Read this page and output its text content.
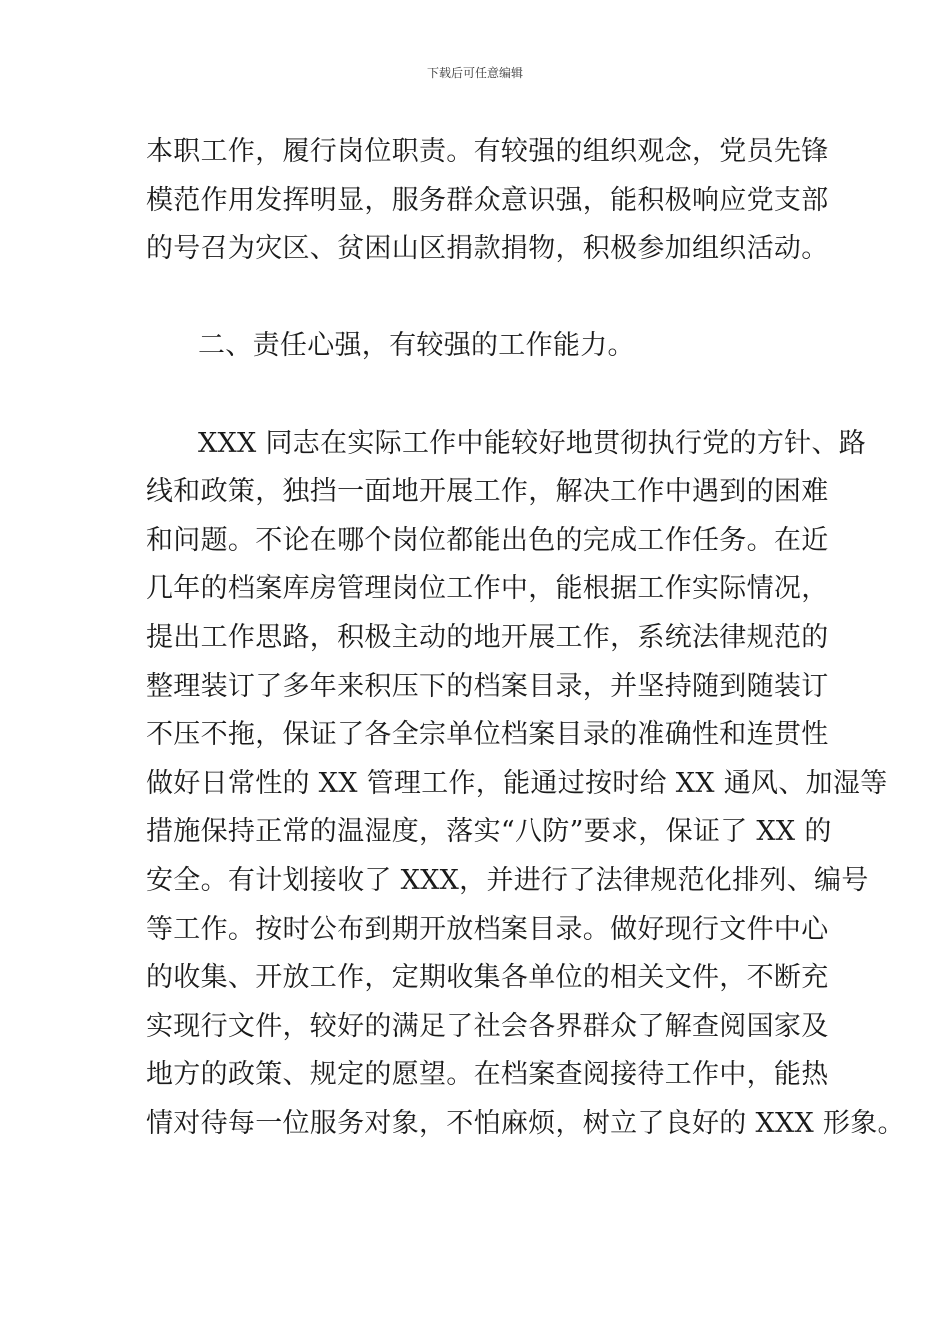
下载后可任意编辑
本职工作，履行岗位职责。有较强的组织观念，党员先锋
模范作用发挥明显，服务群众意识强，能积极响应党支部
的号召为灾区、贫困山区捐款捐物，积极参加组织活动。
二、责任心强，有较强的工作能力。
XXX 同志在实际工作中能较好地贯彻执行党的方针、路
线和政策，独挡一面地开展工作，解决工作中遇到的困难
和问题。不论在哪个岗位都能出色的完成工作任务。在近
几年的档案库房管理岗位工作中，能根据工作实际情况，
提出工作思路，积极主动的地开展工作，系统法律规范的
整理装订了多年来积压下的档案目录，并坚持随到随装订
不压不拖，保证了各全宗单位档案目录的准确性和连贯性
做好日常性的 XX 管理工作，能通过按时给 XX 通风、加湿等
措施保持正常的温湿度，落实“八防”要求，保证了 XX 的
安全。有计划接收了 XXX，并进行了法律规范化排列、编号
等工作。按时公布到期开放档案目录。做好现行文件中心
的收集、开放工作，定期收集各单位的相关文件，不断充
实现行文件，较好的满足了社会各界群众了解查阅国家及
地方的政策、规定的愿望。在档案查阅接待工作中，能热
情对待每一位服务对象，不怕麻烦，树立了良好的 XXX 形象。
